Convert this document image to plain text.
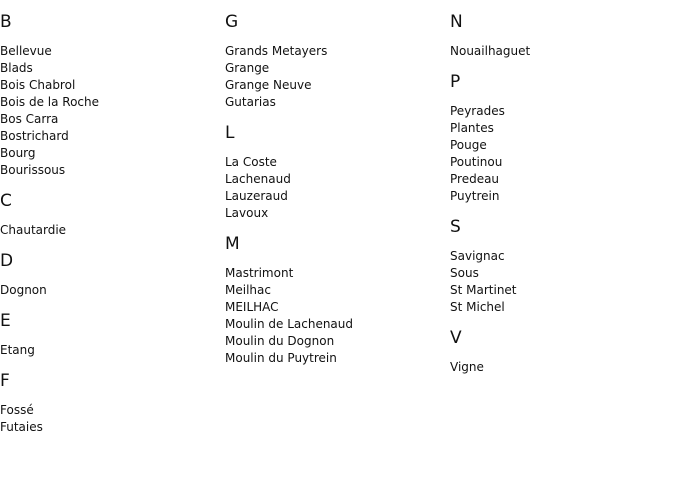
B
Bellevue
Blads
Bois Chabrol
Bois de la Roche
Bos Carra
Bostrichard
Bourg
Bourissous
C
Chautardie
D
Dognon
E
Etang
F
Fossé
Futaies
G
Grands Metayers
Grange
Grange Neuve
Gutarias
L
La Coste
Lachenaud
Lauzeraud
Lavoux
M
Mastrimont
Meilhac
MEILHAC
Moulin de Lachenaud
Moulin du Dognon
Moulin du Puytrein
N
Nouailhaguet
P
Peyrades
Plantes
Pouge
Poutinou
Predeau
Puytrein
S
Savignac
Sous
St Martinet
St Michel
V
Vigne
